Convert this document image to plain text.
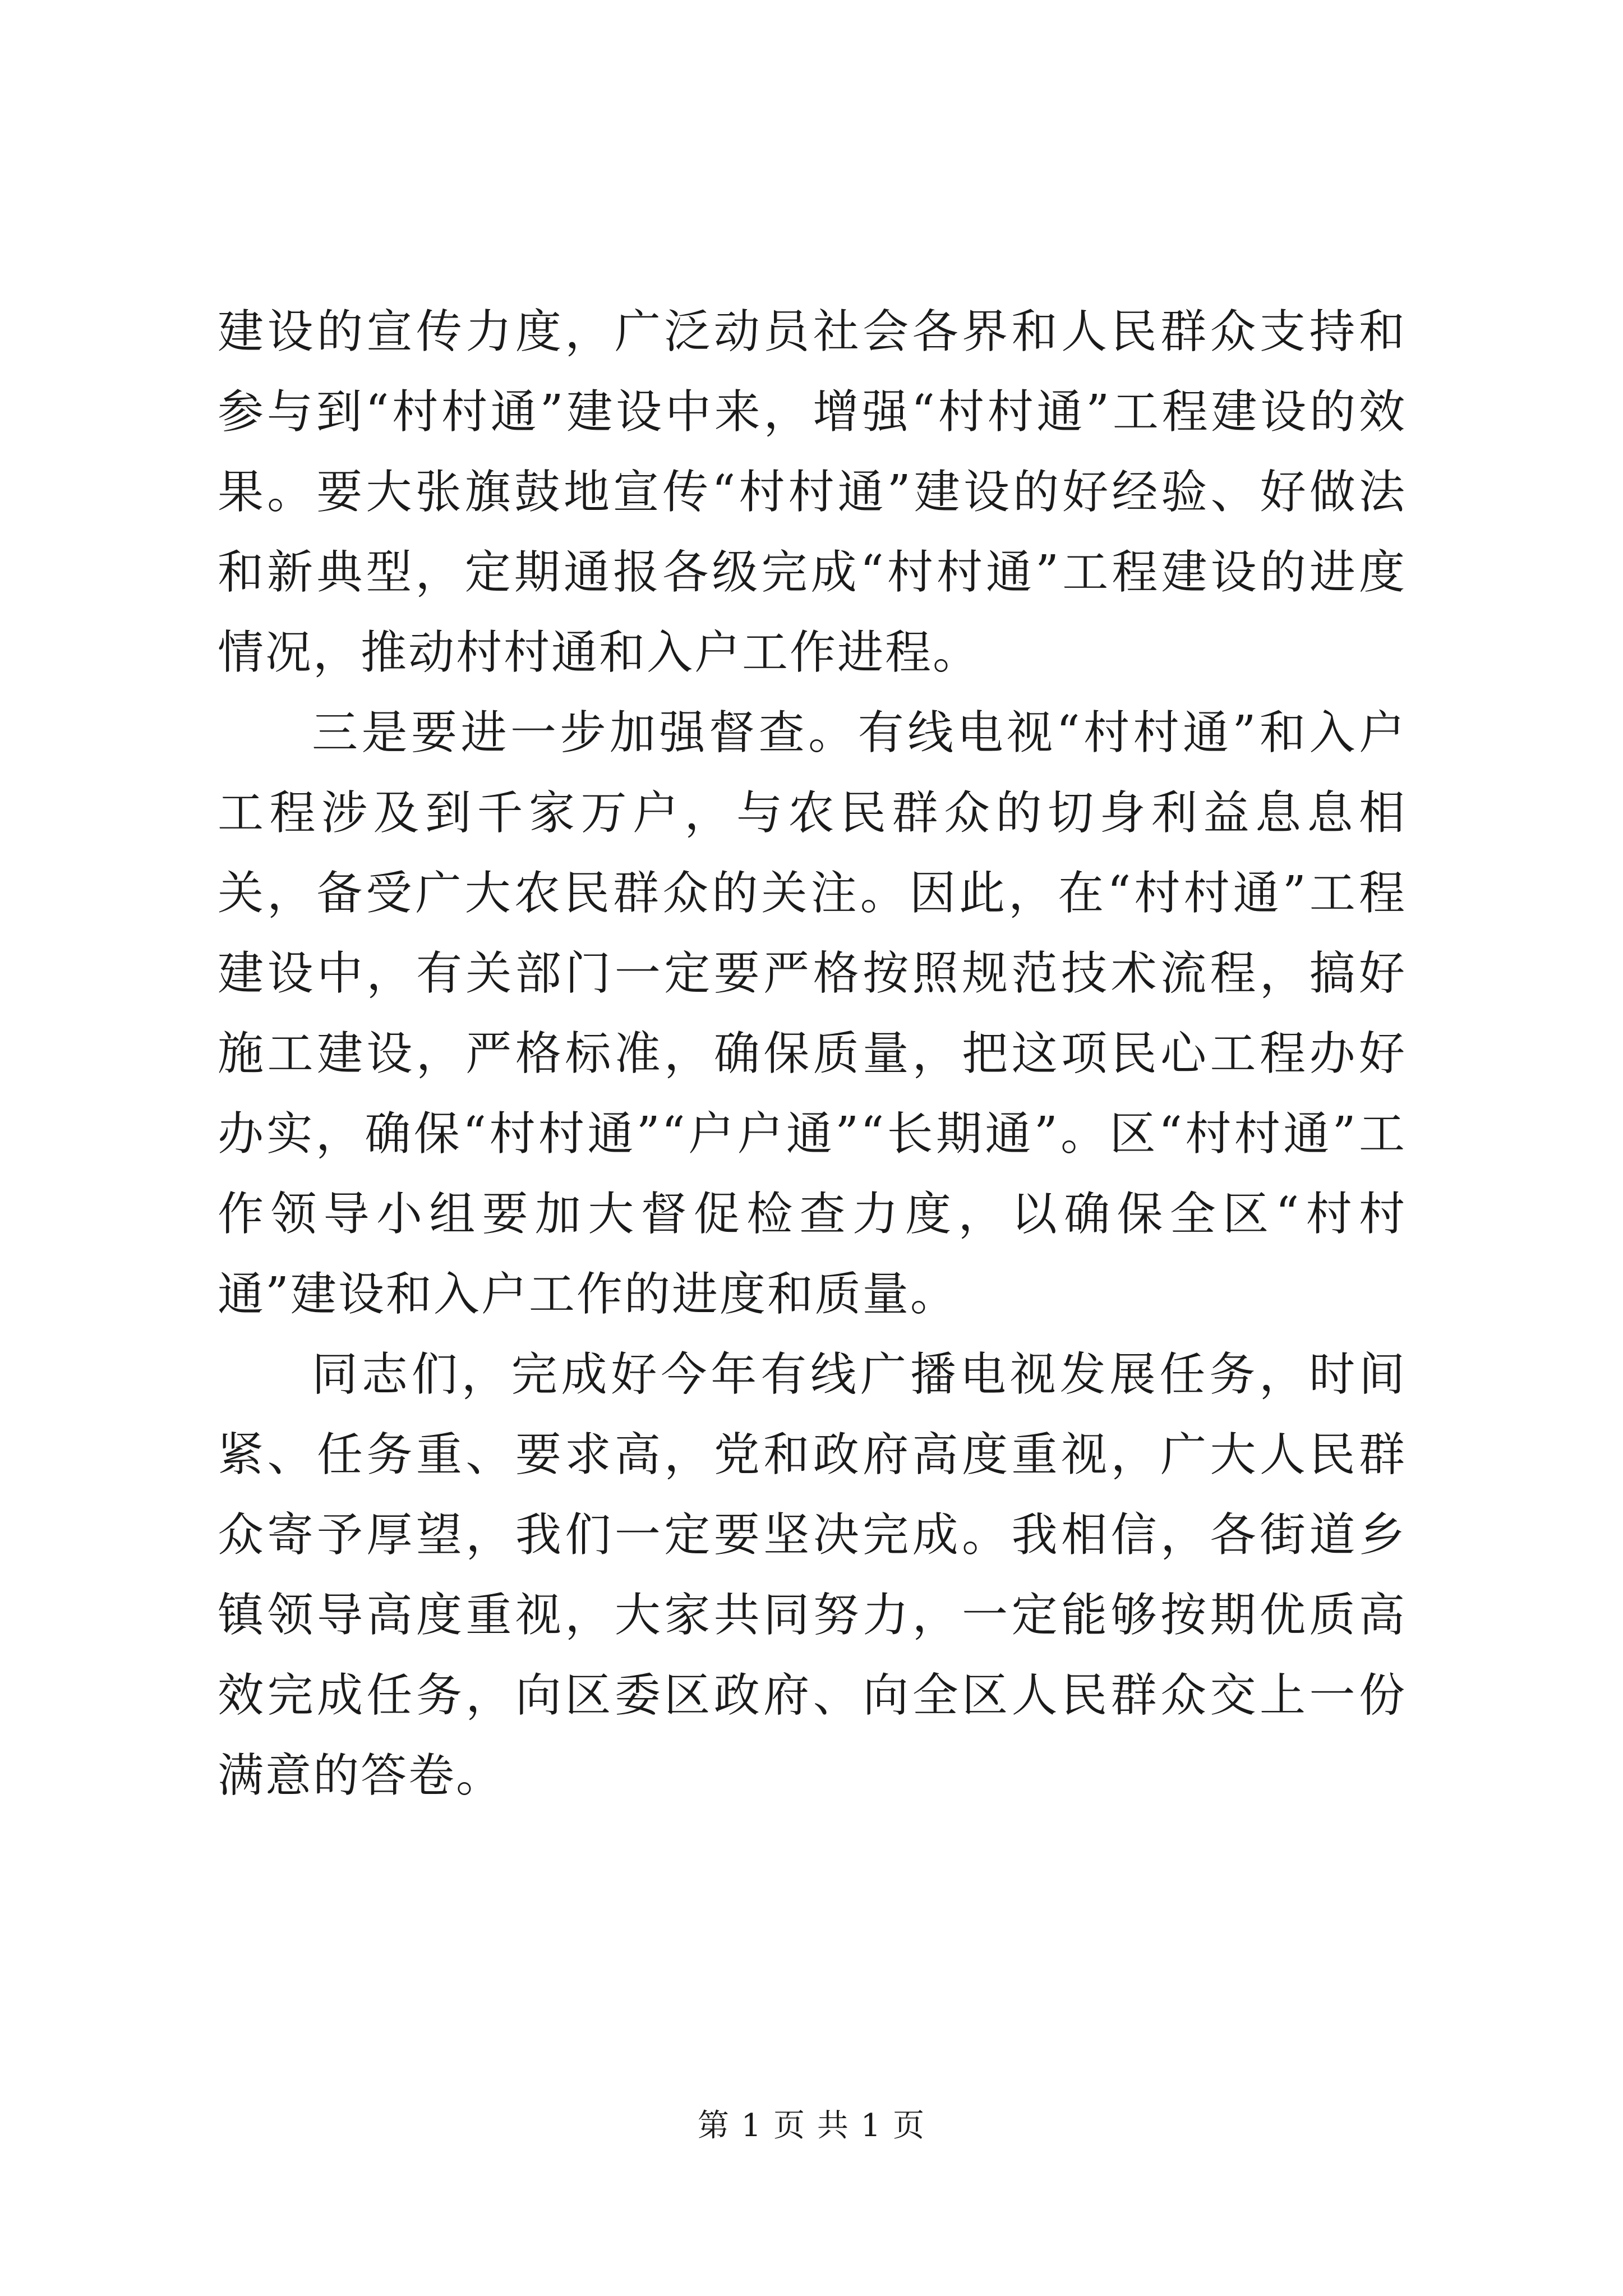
建设的宣传力度，广泛动员社会各界和人民群众支持和参与到“村村通”建设中来，增强“村村通”工程建设的效果。要大张旗鼓地宣传“村村通”建设的好经验、好做法和新典型，定期通报各级完成“村村通”工程建设的进度情况，推动村村通和入户工作进程。

三是要进一步加强督查。有线电视“村村通”和入户工程涉及到千家万户，与农民群众的切身利益息息相关，备受广大农民群众的关注。因此，在“村村通”工程建设中，有关部门一定要严格按照规范技术流程，搞好施工建设，严格标准，确保质量，把这项民心工程办好办实，确保“村村通”“户户通”“长期通”。区“村村通”工作领导小组要加大督促检查力度，以确保全区“村村通”建设和入户工作的进度和质量。

同志们，完成好今年有线广播电视发展任务，时间紧、任务重、要求高，党和政府高度重视，广大人民群众寄予厚望，我们一定要坚决完成。我相信，各街道乡镇领导高度重视，大家共同努力，一定能够按期优质高效完成任务，向区委区政府、向全区人民群众交上一份满意的答卷。

第 1 页 共 1 页
